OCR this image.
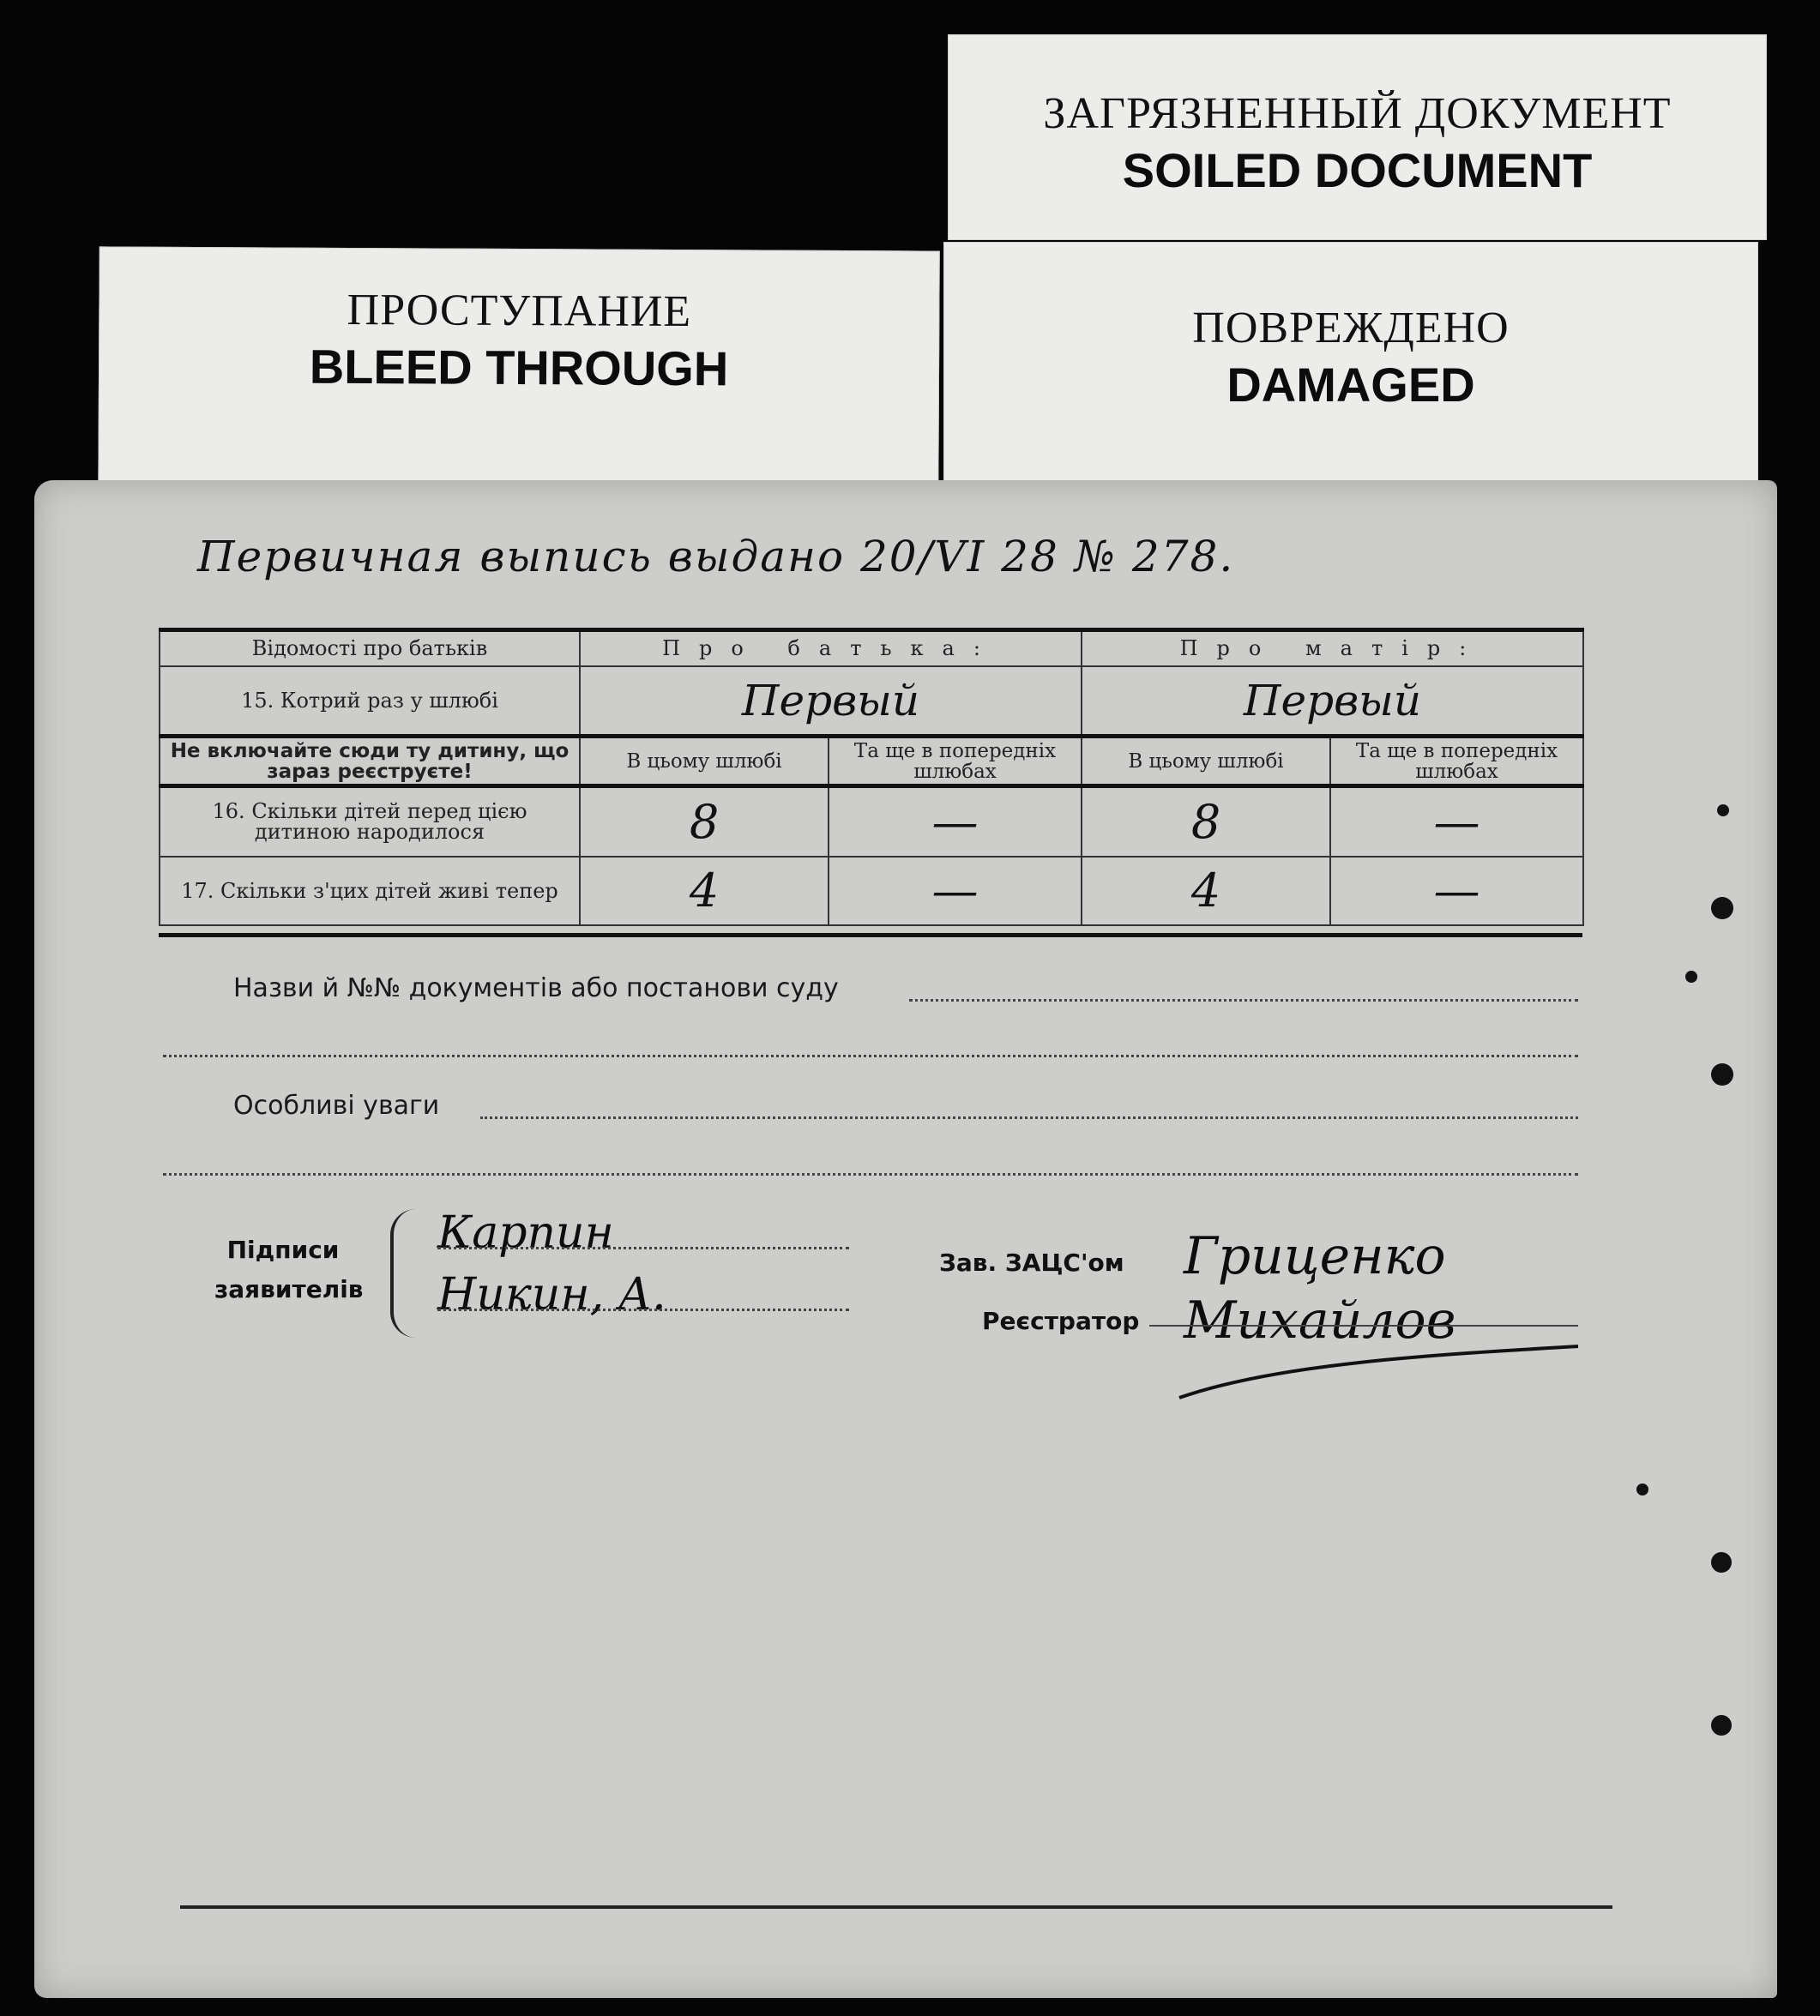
ЗАГРЯЗНЕННЫЙ ДОКУМЕНТ
SOILED DOCUMENT
ПРОСТУПАНИЕ
BLEED THROUGH
ПОВРЕЖДЕНО
DAMAGED
Первичная выпись выдано 20/VI 28 № 278.
Відомості про батьків	Про батька:		Про матір:	
15. Котрий раз у шлюбі	Первый		Первый	
Не включайте сюди ту дитину, що зараз реєструєте!	В цьому шлюбі	Та ще в попередніх шлюбах	В цьому шлюбі	Та ще в попередніх шлюбах
16. Скільки дітей перед цією дитиною народилося	8	—	8	—
17. Скільки з'цих дітей живі тепер	4	—	4	—
Назви й №№ документів або постанови суду
Особливі уваги
Підписи заявителів
Карпин
Никин, А.
Зав. ЗАЦС'ом
Реєстратор
Гриценко
Михайлов
